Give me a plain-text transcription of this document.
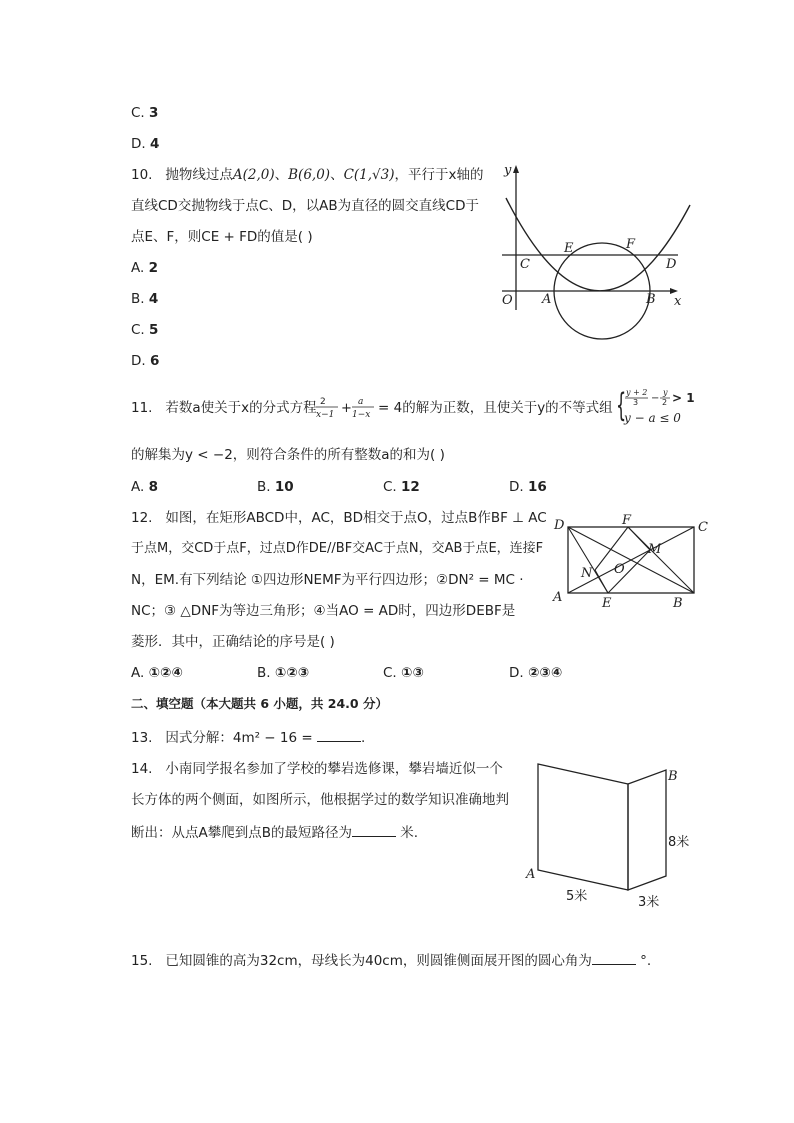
C. 3
D. 4
10. 抛物线过点A(2,0)、B(6,0)、C(1,√3)，平行于x轴的
直线CD交抛物线于点C、D，以AB为直径的圆交直线CD于
点E、F，则CE + FD的值是( )
A. 2
B. 4
C. 5
D. 6
y
x
O A	B
C	D
E	F
11. 若数a使关于x的分式方程 2
x−1 + a
1−x = 4的解为正数，且使关于y的不等式组 { y + 2
3 −
y
2 > 1
y − a ≤ 0
的解集为y < −2，则符合条件的所有整数a的和为( )
A. 8	B. 10	C. 12	D. 16
12. 如图，在矩形ABCD中，AC，BD相交于点O，过点B作BF ⊥ AC
于点M，交CD于点F，过点D作DE//BF交AC于点N，交AB于点E，连接F
N，EM.有下列结论 ①四边形NEMF为平行四边形；②DN² = MC ·
NC；③ △DNF为等边三角形；④当AO = AD时，四边形DEBF是
菱形．其中，正确结论的序号是( )
A. ①②④	B. ①②③	C. ①③	D. ②③④
D	F	C
M
O
N
A	E	B
二、填空题（本大题共 6 小题，共 24.0 分）
13. 因式分解：4m² − 16 =	.
14. 小南同学报名参加了学校的攀岩选修课，攀岩墙近似一个
长方体的两个侧面，如图所示，他根据学过的数学知识准确地判
断出：从点A攀爬到点B的最短路径为	米.
A
B
8米
5米	3米
15. 已知圆锥的高为32cm，母线长为40cm，则圆锥侧面展开图的圆心角为	°.
